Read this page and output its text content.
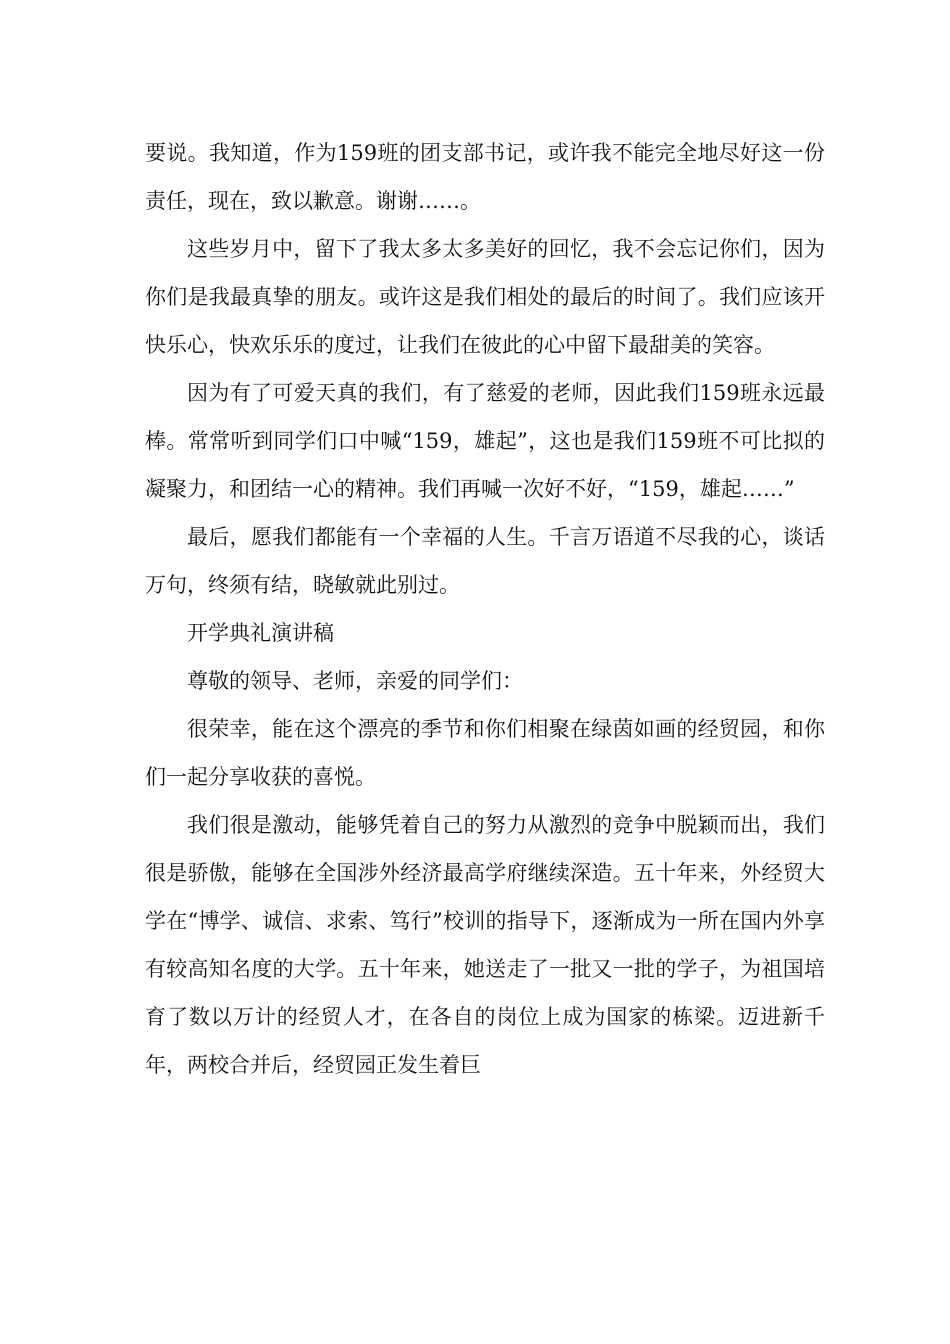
要说。我知道，作为159班的团支部书记，或许我不能完全地尽好这一份责任，现在，致以歉意。谢谢……。

这些岁月中，留下了我太多太多美好的回忆，我不会忘记你们，因为你们是我最真挚的朋友。或许这是我们相处的最后的时间了。我们应该开快乐心，快欢乐乐的度过，让我们在彼此的心中留下最甜美的笑容。

因为有了可爱天真的我们，有了慈爱的老师，因此我们159班永远最棒。常常听到同学们口中喊“159，雄起”，这也是我们159班不可比拟的凝聚力，和团结一心的精神。我们再喊一次好不好，“159，雄起……”

最后，愿我们都能有一个幸福的人生。千言万语道不尽我的心，谈话万句，终须有结，晓敏就此别过。

开学典礼演讲稿

尊敬的领导、老师，亲爱的同学们：

很荣幸，能在这个漂亮的季节和你们相聚在绿茵如画的经贸园，和你们一起分享收获的喜悦。

我们很是激动，能够凭着自己的努力从激烈的竞争中脱颖而出，我们很是骄傲，能够在全国涉外经济最高学府继续深造。五十年来，外经贸大学在“博学、诚信、求索、笃行”校训的指导下，逐渐成为一所在国内外享有较高知名度的大学。五十年来，她送走了一批又一批的学子，为祖国培育了数以万计的经贸人才，在各自的岗位上成为国家的栋梁。迈进新千年，两校合并后，经贸园正发生着巨
